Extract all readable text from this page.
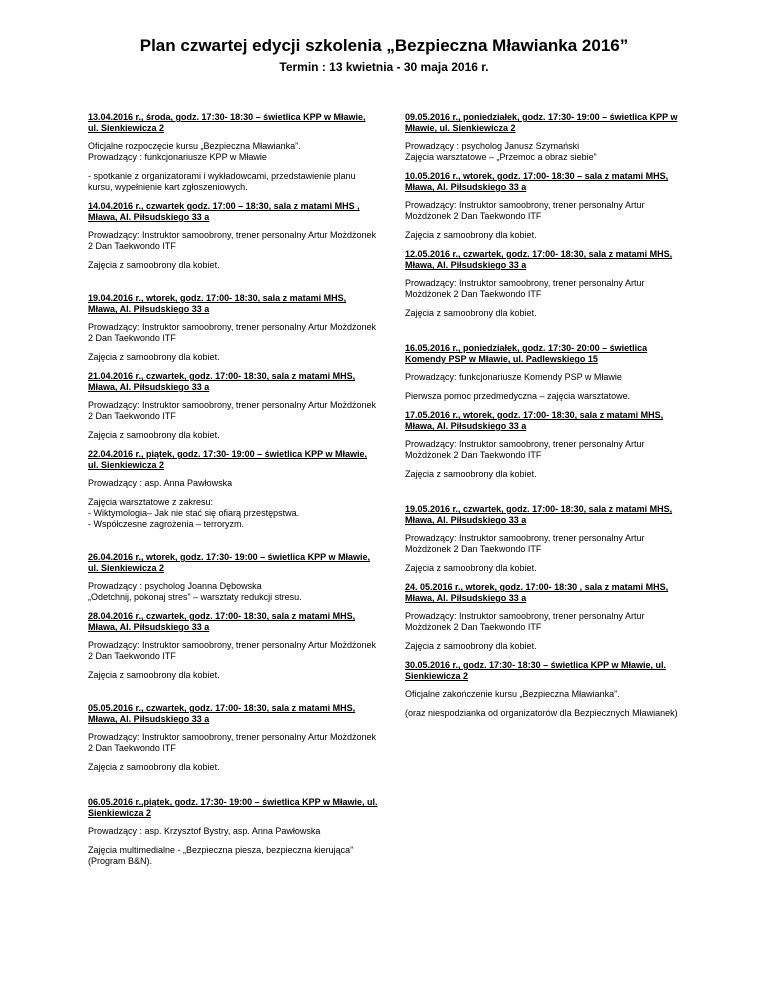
Plan czwartej edycji szkolenia „Bezpieczna Mławianka 2016”

Termin : 13 kwietnia - 30 maja 2016 r.

13.04.2016 r., środa, godz. 17:30- 18:30 – świetlica KPP w Mławie, ul. Sienkiewicza 2

Oficjalne rozpoczęcie kursu „Bezpieczna Mławianka”.
Prowadzący : funkcjonariusze KPP w Mławie

- spotkanie z organizatorami i wykładowcami, przedstawienie planu kursu, wypełnienie kart zgłoszeniowych.

14.04.2016 r., czwartek godz. 17:00 – 18:30, sala z matami MHS , Mława, Al. Piłsudskiego 33 a

Prowadzący: Instruktor samoobrony, trener personalny Artur Możdżonek 2 Dan Taekwondo ITF

Zajęcia z samoobrony dla kobiet.

19.04.2016 r., wtorek, godz. 17:00- 18:30, sala z matami MHS, Mława, Al. Piłsudskiego 33 a

Prowadzący: Instruktor samoobrony, trener personalny Artur Możdżonek 2 Dan Taekwondo ITF

Zajęcia z samoobrony dla kobiet.

21.04.2016 r., czwartek, godz. 17:00- 18:30, sala z matami MHS, Mława, Al. Piłsudskiego 33 a

Prowadzący: Instruktor samoobrony, trener personalny Artur Możdżonek 2 Dan Taekwondo ITF

Zajęcia z samoobrony dla kobiet.

22.04.2016 r., piątek, godz. 17:30- 19:00 – świetlica KPP w Mławie, ul. Sienkiewicza 2

Prowadzący : asp. Anna Pawłowska

Zajęcia warsztatowe z zakresu:
- Wiktymologia– Jak nie stać się ofiarą przestępstwa.
- Współczesne zagrożenia – terroryzm.

26.04.2016 r., wtorek, godz. 17:30- 19:00 – świetlica KPP w Mławie, ul. Sienkiewicza 2

Prowadzący : psycholog Joanna Dębowska
„Odetchnij, pokonaj stres” – warsztaty redukcji stresu.

28.04.2016 r., czwartek, godz. 17:00- 18:30, sala z matami MHS, Mława, Al. Piłsudskiego 33 a

Prowadzący: Instruktor samoobrony, trener personalny Artur Możdżonek 2 Dan Taekwondo ITF

Zajęcia z samoobrony dla kobiet.

05.05.2016 r., czwartek, godz. 17:00- 18:30, sala z matami MHS, Mława, Al. Piłsudskiego 33 a

Prowadzący: Instruktor samoobrony, trener personalny Artur Możdżonek 2 Dan Taekwondo ITF

Zajęcia z samoobrony dla kobiet.

06.05.2016 r.,piątek, godz. 17:30- 19:00 – świetlica KPP w Mławie, ul. Sienkiewicza 2

Prowadzący : asp. Krzysztof Bystry, asp. Anna Pawłowska

Zajęcia multimedialne - „Bezpieczna piesza, bezpieczna kierująca” (Program B&N).

09.05.2016 r., poniedziałek, godz. 17:30- 19:00 – świetlica KPP w Mławie, ul. Sienkiewicza 2

Prowadzący : psycholog Janusz Szymański
Zajęcia warsztatowe – „Przemoc a obraz siebie”

10.05.2016 r., wtorek, godz. 17:00- 18:30 – sala z matami MHS, Mława, Al. Piłsudskiego 33 a

Prowadzący: Instruktor samoobrony, trener personalny Artur Możdżonek 2 Dan Taekwondo ITF

Zajęcia z samoobrony dla kobiet.

12.05.2016 r., czwartek, godz. 17:00- 18:30, sala z matami MHS, Mława, Al. Piłsudskiego 33 a

Prowadzący: Instruktor samoobrony, trener personalny Artur Możdżonek 2 Dan Taekwondo ITF

Zajęcia z samoobrony dla kobiet.

16.05.2016 r., poniedziałek, godz. 17:30- 20:00 – świetlica Komendy PSP w Mławie, ul. Padlewskiego 15

Prowadzący: funkcjonariusze Komendy PSP w Mławie

Pierwsza pomoc przedmedyczna – zajęcia warsztatowe.

17.05.2016 r., wtorek, godz. 17:00- 18:30, sala z matami MHS, Mława, Al. Piłsudskiego 33 a

Prowadzący: Instruktor samoobrony, trener personalny Artur Możdżonek 2 Dan Taekwondo ITF

Zajęcia z samoobrony dla kobiet.

19.05.2016 r., czwartek, godz. 17:00- 18:30, sala z matami MHS, Mława, Al. Piłsudskiego 33 a

Prowadzący: Instruktor samoobrony, trener personalny Artur Możdżonek 2 Dan Taekwondo ITF

Zajęcia z samoobrony dla kobiet.

24. 05.2016 r., wtorek, godz. 17:00- 18:30 , sala z matami MHS, Mława, Al. Piłsudskiego 33 a

Prowadzący: Instruktor samoobrony, trener personalny Artur Możdżonek 2 Dan Taekwondo ITF

Zajęcia z samoobrony dla kobiet.

30.05.2016 r., godz. 17:30- 18:30 – świetlica KPP w Mławie, ul. Sienkiewicza 2

Oficjalne zakończenie kursu „Bezpieczna Mławianka”.

(oraz niespodzianka od organizatorów dla Bezpiecznych Mławianek)
